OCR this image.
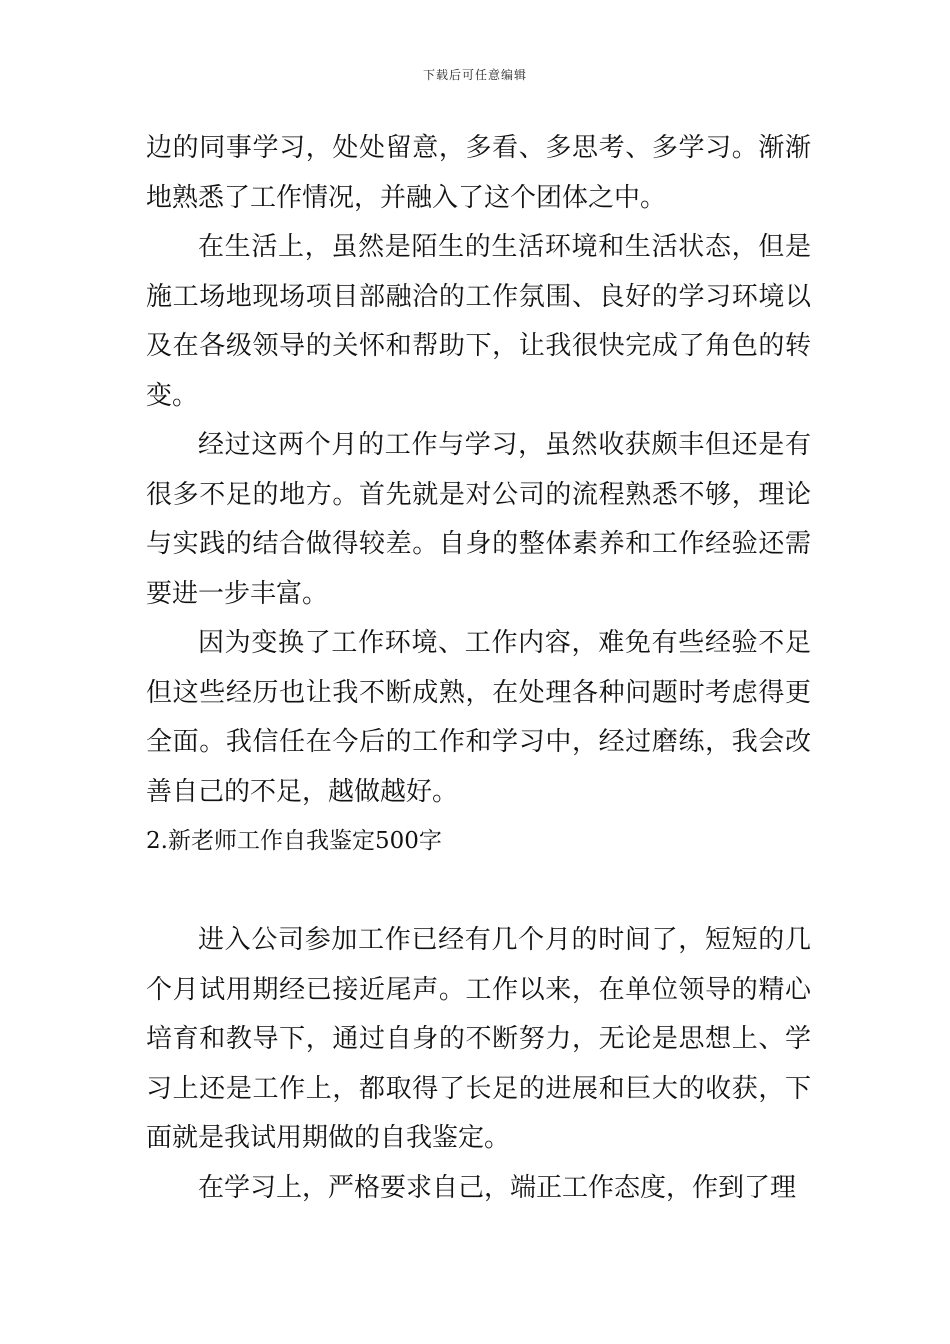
下载后可任意编辑

边的同事学习，处处留意，多看、多思考、多学习。渐渐地熟悉了工作情况，并融入了这个团体之中。

在生活上，虽然是陌生的生活环境和生活状态，但是施工场地现场项目部融洽的工作氛围、良好的学习环境以及在各级领导的关怀和帮助下，让我很快完成了角色的转变。

经过这两个月的工作与学习，虽然收获颇丰但还是有很多不足的地方。首先就是对公司的流程熟悉不够，理论与实践的结合做得较差。自身的整体素养和工作经验还需要进一步丰富。

因为变换了工作环境、工作内容，难免有些经验不足但这些经历也让我不断成熟，在处理各种问题时考虑得更全面。我信任在今后的工作和学习中，经过磨练，我会改善自己的不足，越做越好。

2.新老师工作自我鉴定500字

进入公司参加工作已经有几个月的时间了，短短的几个月试用期经已接近尾声。工作以来，在单位领导的精心培育和教导下，通过自身的不断努力，无论是思想上、学习上还是工作上，都取得了长足的进展和巨大的收获，下面就是我试用期做的自我鉴定。

在学习上，严格要求自己，端正工作态度，作到了理
